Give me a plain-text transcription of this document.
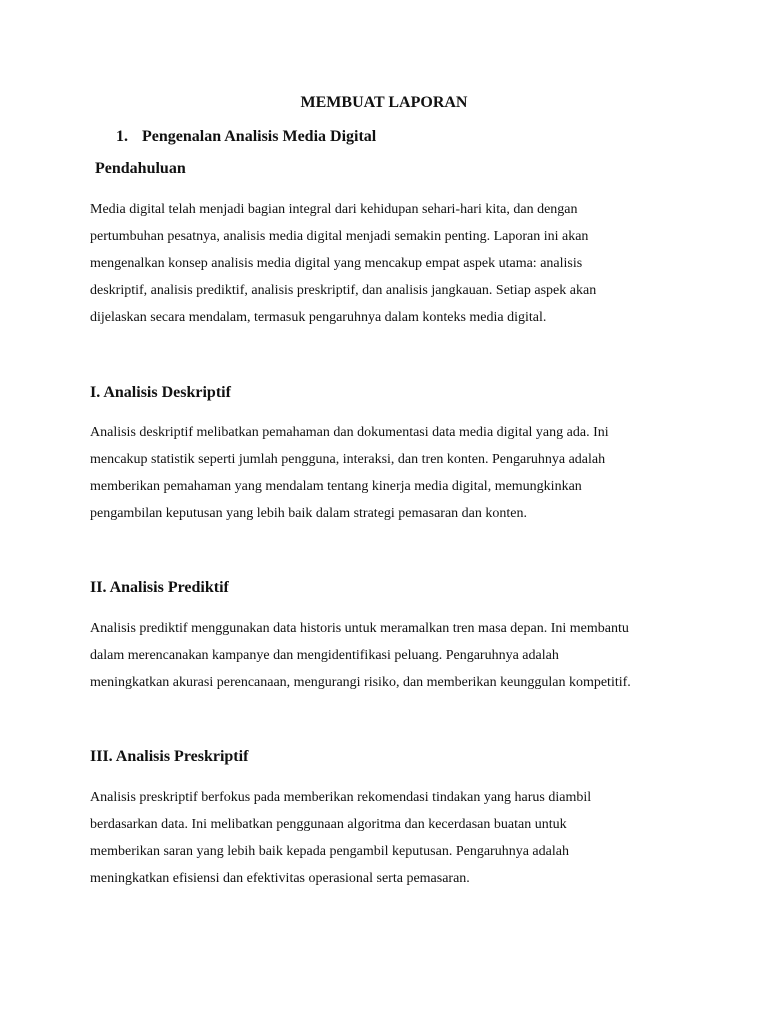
MEMBUAT LAPORAN
1. Pengenalan Analisis Media Digital
Pendahuluan

Media digital telah menjadi bagian integral dari kehidupan sehari-hari kita, dan dengan
pertumbuhan pesatnya, analisis media digital menjadi semakin penting. Laporan ini akan
mengenalkan konsep analisis media digital yang mencakup empat aspek utama: analisis
deskriptif, analisis prediktif, analisis preskriptif, dan analisis jangkauan. Setiap aspek akan
dijelaskan secara mendalam, termasuk pengaruhnya dalam konteks media digital.

I. Analisis Deskriptif

Analisis deskriptif melibatkan pemahaman dan dokumentasi data media digital yang ada. Ini
mencakup statistik seperti jumlah pengguna, interaksi, dan tren konten. Pengaruhnya adalah
memberikan pemahaman yang mendalam tentang kinerja media digital, memungkinkan
pengambilan keputusan yang lebih baik dalam strategi pemasaran dan konten.

II. Analisis Prediktif

Analisis prediktif menggunakan data historis untuk meramalkan tren masa depan. Ini membantu
dalam merencanakan kampanye dan mengidentifikasi peluang. Pengaruhnya adalah
meningkatkan akurasi perencanaan, mengurangi risiko, dan memberikan keunggulan kompetitif.

III. Analisis Preskriptif

Analisis preskriptif berfokus pada memberikan rekomendasi tindakan yang harus diambil
berdasarkan data. Ini melibatkan penggunaan algoritma dan kecerdasan buatan untuk
memberikan saran yang lebih baik kepada pengambil keputusan. Pengaruhnya adalah
meningkatkan efisiensi dan efektivitas operasional serta pemasaran.
